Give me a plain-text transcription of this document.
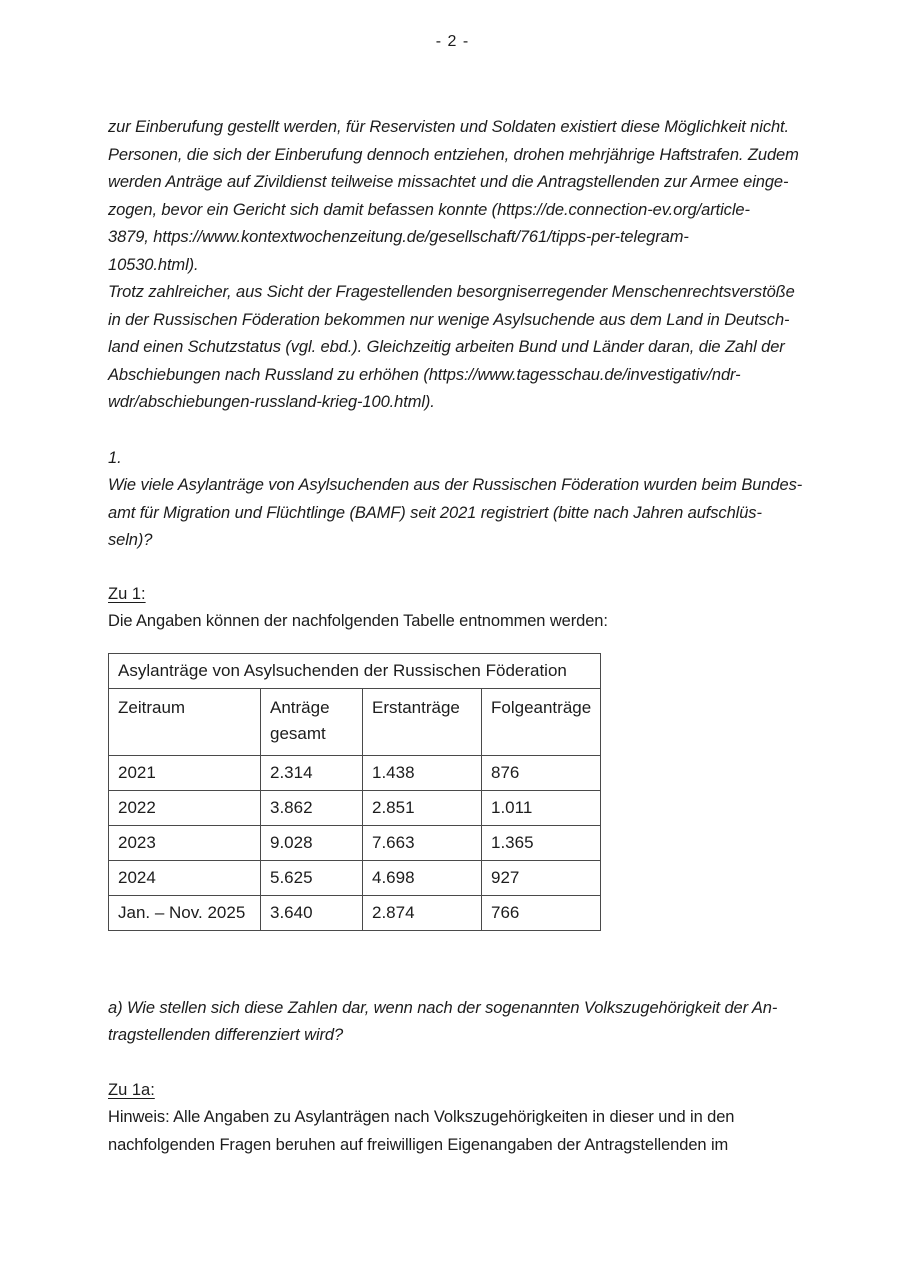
- 2 -
zur Einberufung gestellt werden, für Reservisten und Soldaten existiert diese Möglichkeit nicht.
Personen, die sich der Einberufung dennoch entziehen, drohen mehrjährige Haftstrafen. Zudem
werden Anträge auf Zivildienst teilweise missachtet und die Antragstellenden zur Armee einge-
zogen, bevor ein Gericht sich damit befassen konnte (https://de.connection-ev.org/article-
3879, https://www.kontextwochenzeitung.de/gesellschaft/761/tipps-per-telegram-
10530.html).
Trotz zahlreicher, aus Sicht der Fragestellenden besorgniserregender Menschenrechtsverstöße
in der Russischen Föderation bekommen nur wenige Asylsuchende aus dem Land in Deutsch-
land einen Schutzstatus (vgl. ebd.). Gleichzeitig arbeiten Bund und Länder daran, die Zahl der
Abschiebungen nach Russland zu erhöhen (https://www.tagesschau.de/investigativ/ndr-
wdr/abschiebungen-russland-krieg-100.html).
1.
Wie viele Asylanträge von Asylsuchenden aus der Russischen Föderation wurden beim Bundes-
amt für Migration und Flüchtlinge (BAMF) seit 2021 registriert (bitte nach Jahren aufschlüs-
seln)?
Zu 1:
Die Angaben können der nachfolgenden Tabelle entnommen werden:
Asylanträge von Asylsuchenden der Russischen Föderation			
Zeitraum	Anträge gesamt	Erstanträge	Folgeanträge
2021	2.314	1.438	876
2022	3.862	2.851	1.011
2023	9.028	7.663	1.365
2024	5.625	4.698	927
Jan. – Nov. 2025	3.640	2.874	766
a) Wie stellen sich diese Zahlen dar, wenn nach der sogenannten Volkszugehörigkeit der An-
tragstellenden differenziert wird?
Zu 1a:
Hinweis: Alle Angaben zu Asylanträgen nach Volkszugehörigkeiten in dieser und in den
nachfolgenden Fragen beruhen auf freiwilligen Eigenangaben der Antragstellenden im
